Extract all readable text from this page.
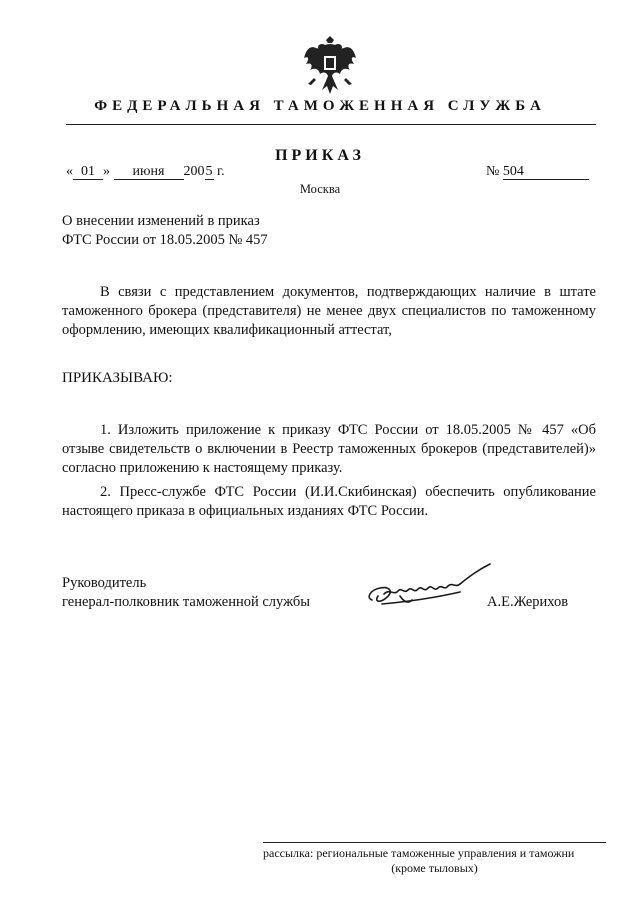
ФЕДЕРАЛЬНАЯ ТАМОЖЕННАЯ СЛУЖБА
ПРИКАЗ
« 01 » июня 2005 г.	№ 504
Москва
О внесении изменений в приказ
ФТС России от 18.05.2005 № 457
В связи с представлением документов, подтверждающих наличие в штате таможенного брокера (представителя) не менее двух специалистов по таможенному оформлению, имеющих квалификационный аттестат,
ПРИКАЗЫВАЮ:
1. Изложить приложение к приказу ФТС России от 18.05.2005 № 457 «Об отзыве свидетельств о включении в Реестр таможенных брокеров (представителей)» согласно приложению к настоящему приказу.
2. Пресс-службе ФТС России (И.И.Скибинская) обеспечить опубликование настоящего приказа в официальных изданиях ФТС России.
Руководитель
генерал-полковник таможенной службы	А.Е.Жерихов
рассылка: региональные таможенные управления и таможни
(кроме тыловых)
